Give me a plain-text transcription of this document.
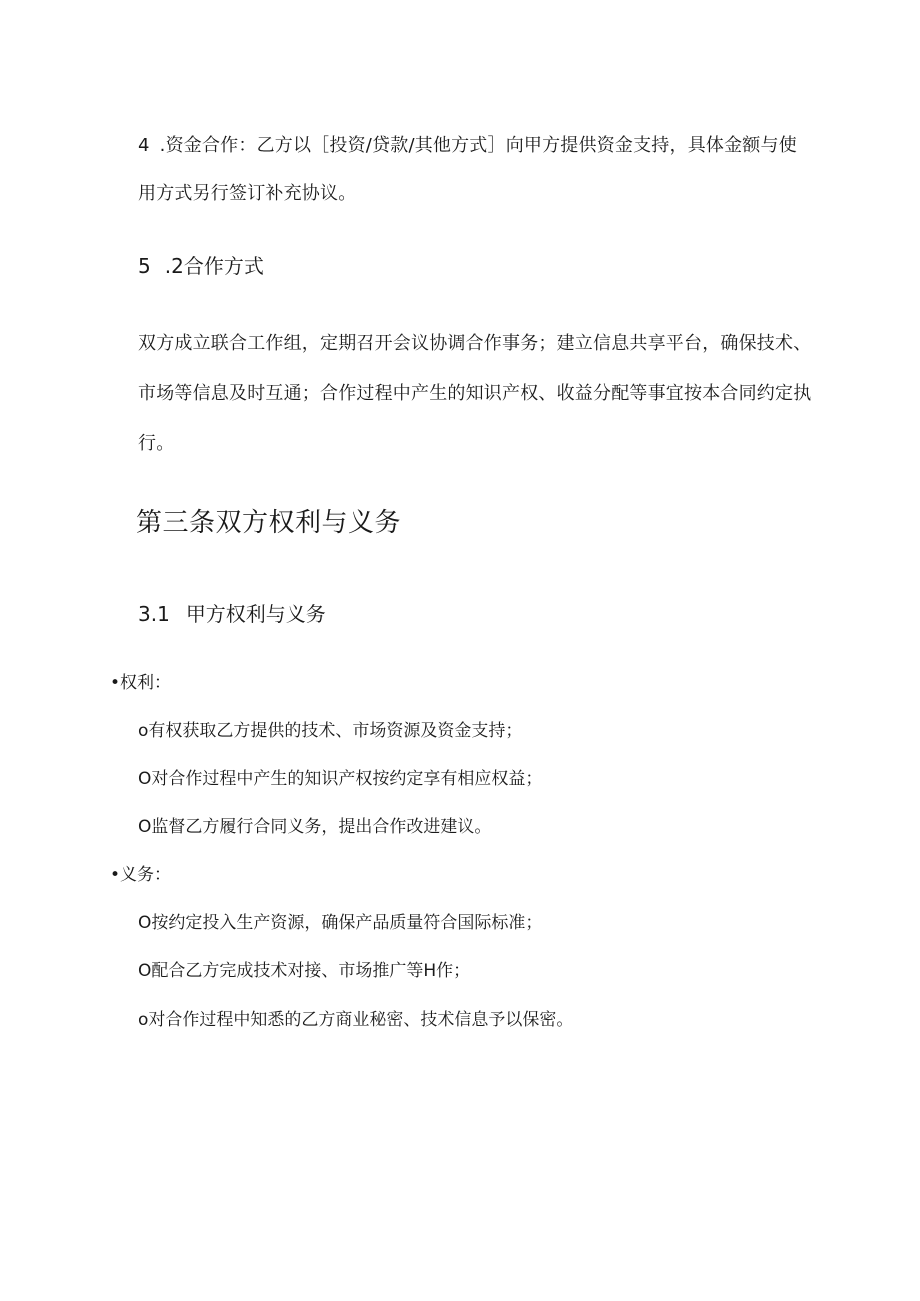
4 .资金合作：乙方以［投资/贷款/其他方式］向甲方提供资金支持，具体金额与使
用方式另行签订补充协议。
5 .2合作方式
双方成立联合工作组，定期召开会议协调合作事务；建立信息共享平台，确保技术、
市场等信息及时互通；合作过程中产生的知识产权、收益分配等事宜按本合同约定执
行。
第三条双方权利与义务
3.1 甲方权利与义务
•权利：
o有权获取乙方提供的技术、市场资源及资金支持；
O对合作过程中产生的知识产权按约定享有相应权益；
O监督乙方履行合同义务，提出合作改进建议。
•义务：
O按约定投入生产资源，确保产品质量符合国际标准；
O配合乙方完成技术对接、市场推广等H作；
o对合作过程中知悉的乙方商业秘密、技术信息予以保密。
